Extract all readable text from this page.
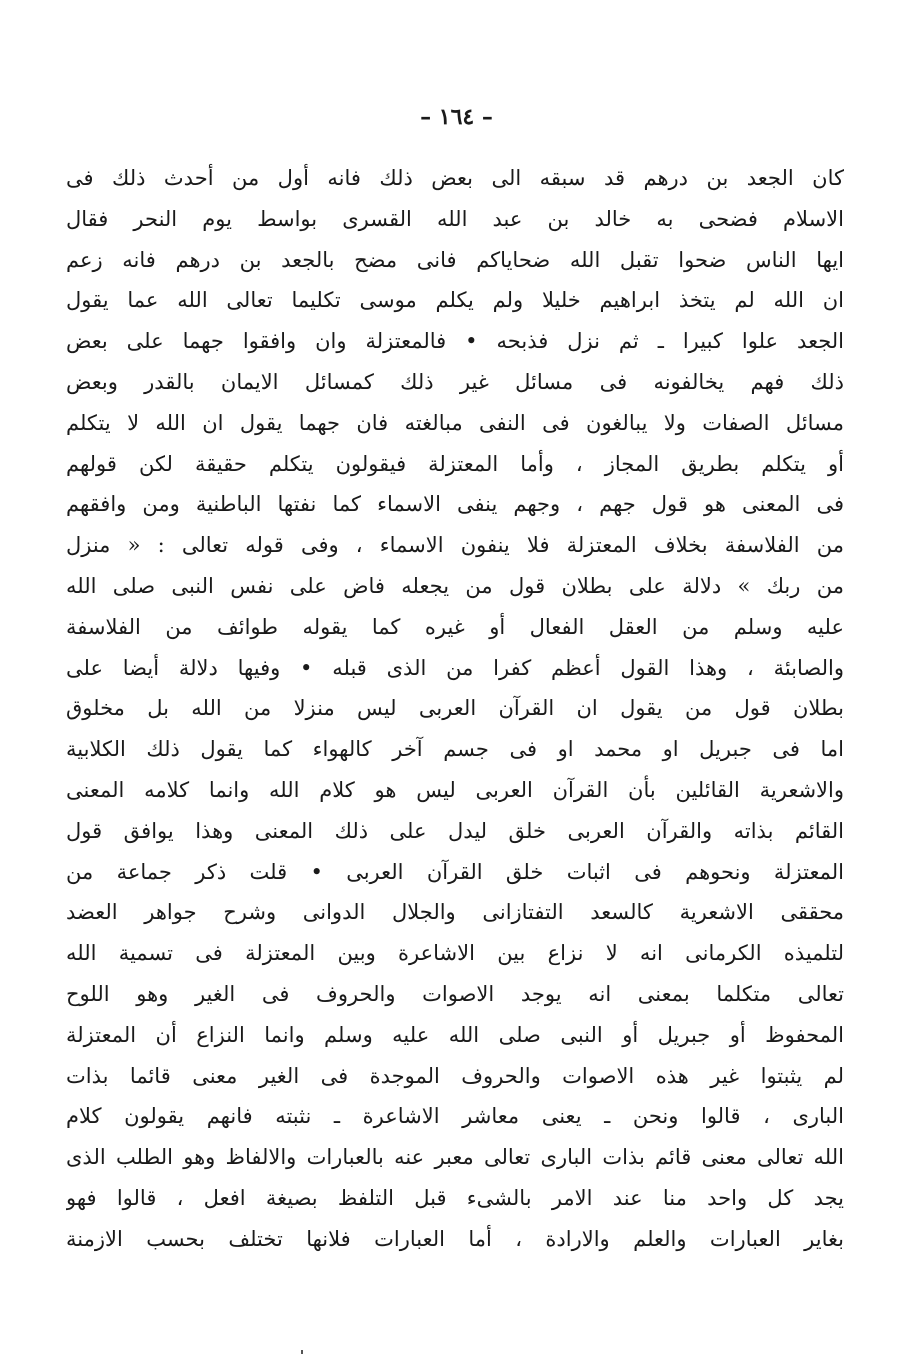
– ١٦٤ –
كان الجعد بن درهم قد سبقه الى بعض ذلك فانه أول من أحدث ذلك فى
الاسلام فضحى به خالد بن عبد الله القسرى بواسط يوم النحر فقال
ايها الناس ضحوا تقبل الله ضحاياكم فانى مضح بالجعد بن درهم فانه زعم
ان الله لم يتخذ ابراهيم خليلا ولم يكلم موسى تكليما تعالى الله عما يقول
الجعد علوا كبيرا ـ ثم نزل فذبحه • فالمعتزلة وان وافقوا جهما على بعض
ذلك فهم يخالفونه فى مسائل غير ذلك كمسائل الايمان بالقدر وبعض
مسائل الصفات ولا يبالغون فى النفى مبالغته فان جهما يقول ان الله لا يتكلم
أو يتكلم بطريق المجاز ، وأما المعتزلة فيقولون يتكلم حقيقة لكن قولهم
فى المعنى هو قول جهم ، وجهم ينفى الاسماء كما نفتها الباطنية ومن وافقهم
من الفلاسفة بخلاف المعتزلة فلا ينفون الاسماء ، وفى قوله تعالى : « منزل
من ربك » دلالة على بطلان قول من يجعله فاض على نفس النبى صلى الله
عليه وسلم من العقل الفعال أو غيره كما يقوله طوائف من الفلاسفة
والصابئة ، وهذا القول أعظم كفرا من الذى قبله • وفيها دلالة أيضا على
بطلان قول من يقول ان القرآن العربى ليس منزلا من الله بل مخلوق
اما فى جبريل او محمد او فى جسم آخر كالهواء كما يقول ذلك الكلابية
والاشعرية القائلين بأن القرآن العربى ليس هو كلام الله وانما كلامه المعنى
القائم بذاته والقرآن العربى خلق ليدل على ذلك المعنى وهذا يوافق قول
المعتزلة ونحوهم فى اثبات خلق القرآن العربى • قلت ذكر جماعة من
محققى الاشعرية كالسعد التفتازانى والجلال الدوانى وشرح جواهر العضد
لتلميذه الكرمانى انه لا نزاع بين الاشاعرة وبين المعتزلة فى تسمية الله
تعالى متكلما بمعنى انه يوجد الاصوات والحروف فى الغير وهو اللوح
المحفوظ أو جبريل أو النبى صلى الله عليه وسلم وانما النزاع أن المعتزلة
لم يثبتوا غير هذه الاصوات والحروف الموجدة فى الغير معنى قائما بذات
البارى ، قالوا ونحن ـ يعنى معاشر الاشاعرة ـ نثبته فانهم يقولون كلام
الله تعالى معنى قائم بذات البارى تعالى معبر عنه بالعبارات والالفاظ وهو الطلب الذى
يجد كل واحد منا عند الامر بالشىء قبل التلفظ بصيغة افعل ، قالوا فهو
بغاير العبارات والعلم والارادة ، أما العبارات فلانها تختلف بحسب الازمنة
